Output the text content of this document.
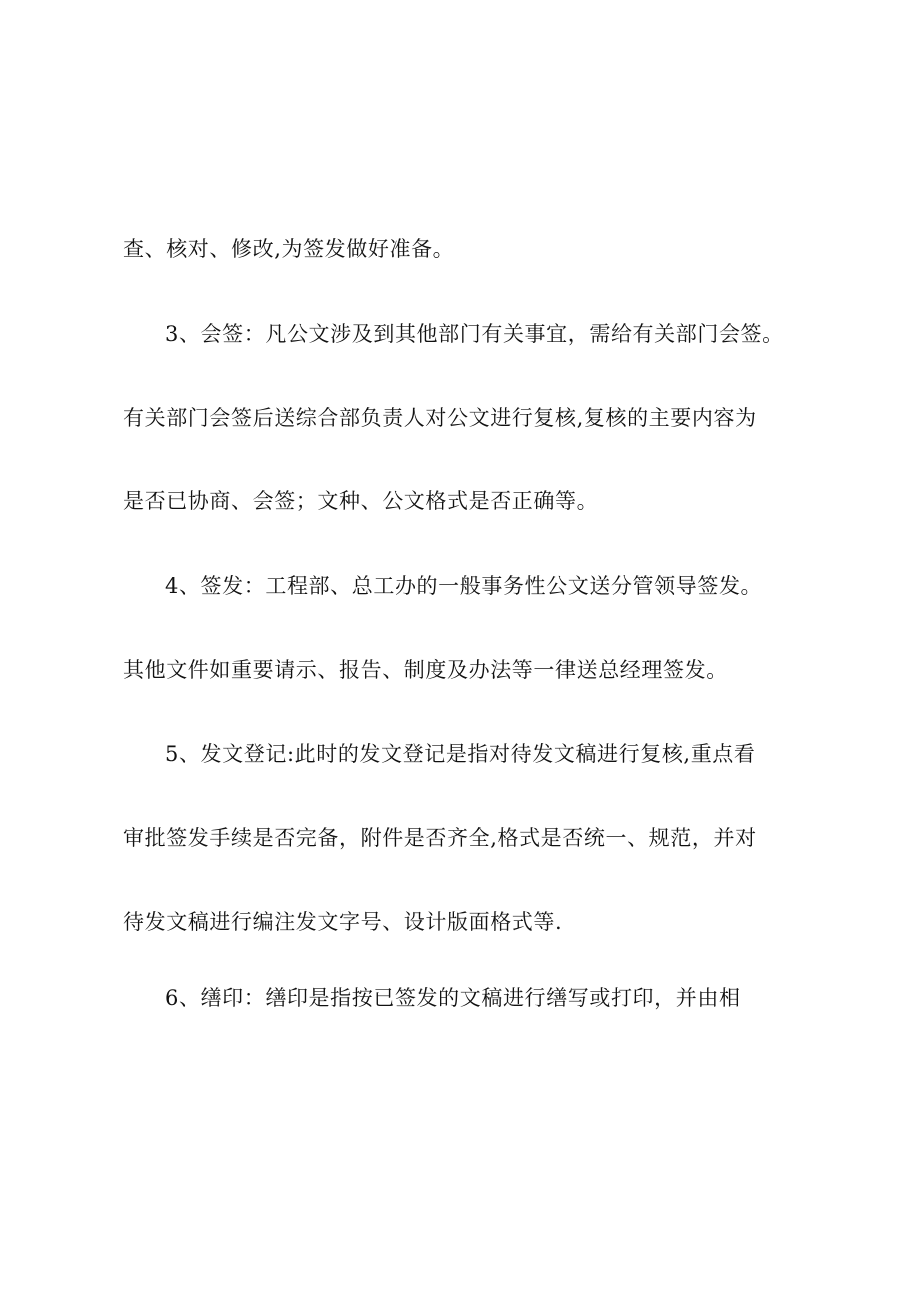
查、核对、修改,为签发做好准备。
3、会签：凡公文涉及到其他部门有关事宜，需给有关部门会签。
有关部门会签后送综合部负责人对公文进行复核,复核的主要内容为
是否已协商、会签；文种、公文格式是否正确等。
4、签发：工程部、总工办的一般事务性公文送分管领导签发。
其他文件如重要请示、报告、制度及办法等一律送总经理签发。
5、发文登记:此时的发文登记是指对待发文稿进行复核,重点看
审批签发手续是否完备，附件是否齐全,格式是否统一、规范，并对
待发文稿进行编注发文字号、设计版面格式等.
6、缮印：缮印是指按已签发的文稿进行缮写或打印，并由相
